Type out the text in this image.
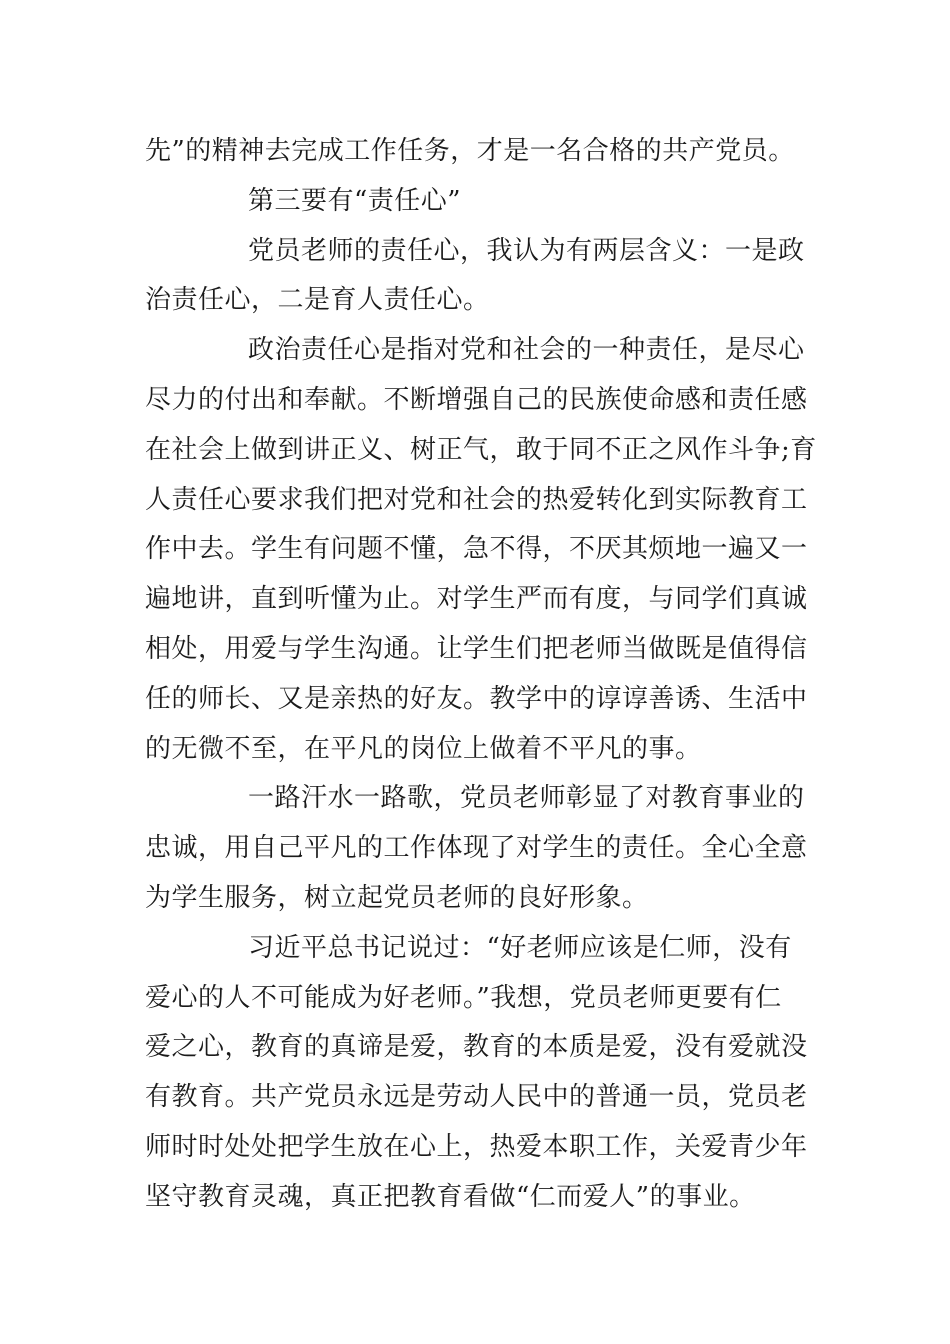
先”的精神去完成工作任务，才是一名合格的共产党员。
第三要有“责任心”
党员老师的责任心，我认为有两层含义：一是政
治责任心，二是育人责任心。
政治责任心是指对党和社会的一种责任，是尽心
尽力的付出和奉献。不断增强自己的民族使命感和责任感
在社会上做到讲正义、树正气，敢于同不正之风作斗争;育
人责任心要求我们把对党和社会的热爱转化到实际教育工
作中去。学生有问题不懂，急不得，不厌其烦地一遍又一
遍地讲，直到听懂为止。对学生严而有度，与同学们真诚
相处，用爱与学生沟通。让学生们把老师当做既是值得信
任的师长、又是亲热的好友。教学中的谆谆善诱、生活中
的无微不至，在平凡的岗位上做着不平凡的事。
一路汗水一路歌，党员老师彰显了对教育事业的
忠诚，用自己平凡的工作体现了对学生的责任。全心全意
为学生服务，树立起党员老师的良好形象。
习近平总书记说过：“好老师应该是仁师，没有
爱心的人不可能成为好老师。”我想，党员老师更要有仁
爱之心，教育的真谛是爱，教育的本质是爱，没有爱就没
有教育。共产党员永远是劳动人民中的普通一员，党员老
师时时处处把学生放在心上，热爱本职工作，关爱青少年
坚守教育灵魂，真正把教育看做“仁而爱人”的事业。
